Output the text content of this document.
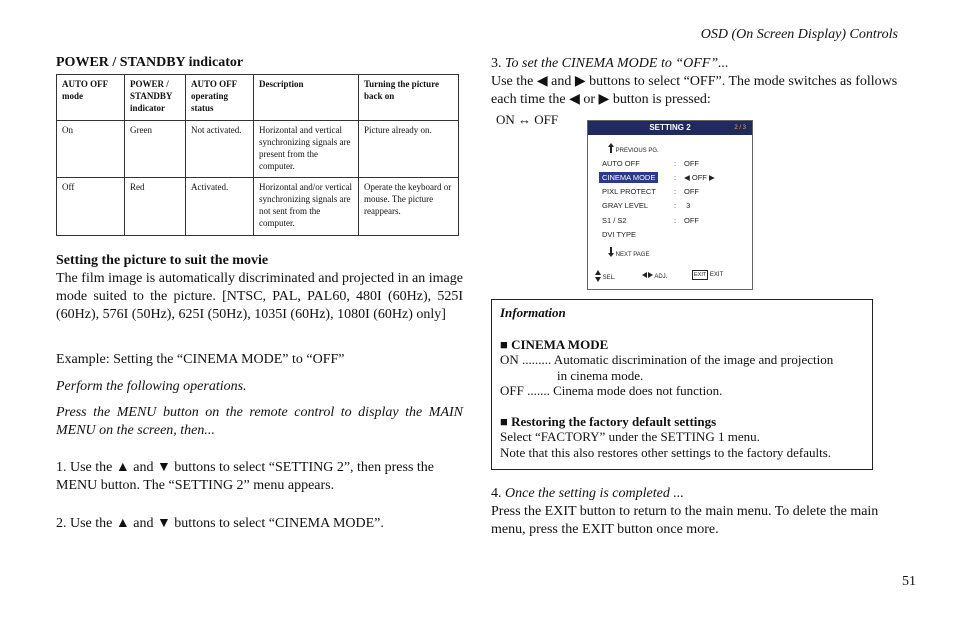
OSD (On Screen Display) Controls
POWER / STANDBY indicator
AUTO OFF mode	POWER / STANDBY indicator	AUTO OFF operating status	Description	Turning the picture back on
On	Green	Not activated.	Horizontal and vertical synchronizing signals are present from the computer.	Picture already on.
Off	Red	Activated.	Horizontal and/or vertical synchronizing signals are not sent from the computer.	Operate the keyboard or mouse. The picture reappears.
Setting the picture to suit the movie
The film image is automatically discriminated and projected in an image mode suited to the picture. [NTSC, PAL, PAL60, 480I (60Hz), 525I (60Hz), 576I (50Hz), 625I (50Hz), 1035I (60Hz), 1080I (60Hz) only]
Example: Setting the “CINEMA MODE” to “OFF”
Perform the following operations.
Press the MENU button on the remote control to display the MAIN MENU on the screen, then...
1. Use the ▲ and ▼ buttons to select “SETTING 2”, then press the MENU button. The “SETTING 2” menu appears.
2. Use the ▲ and ▼ buttons to select “CINEMA MODE”.
3. To set the CINEMA MODE to “OFF”...
Use the ◀ and ▶ buttons to select “OFF”. The mode switches as follows each time the ◀ or ▶ button is pressed:
ON ↔ OFF
SETTING 2	2 / 3
PREVIOUS PG.
AUTO OFF	: OFF
CINEMA MODE : ◀ OFF ▶
PIXL PROTECT : OFF
GRAY LEVEL	: 3
S1 / S2	: OFF
DVI TYPE
NEXT PAGE
SEL.	ADJ.	EXIT EXIT
Information
■ CINEMA MODE
ON ......... Automatic discrimination of the image and projection
in cinema mode.
OFF ....... Cinema mode does not function.
■ Restoring the factory default settings
Select “FACTORY” under the SETTING 1 menu.
Note that this also restores other settings to the factory defaults.
4. Once the setting is completed ...
Press the EXIT button to return to the main menu. To delete the main menu, press the EXIT button once more.
51
